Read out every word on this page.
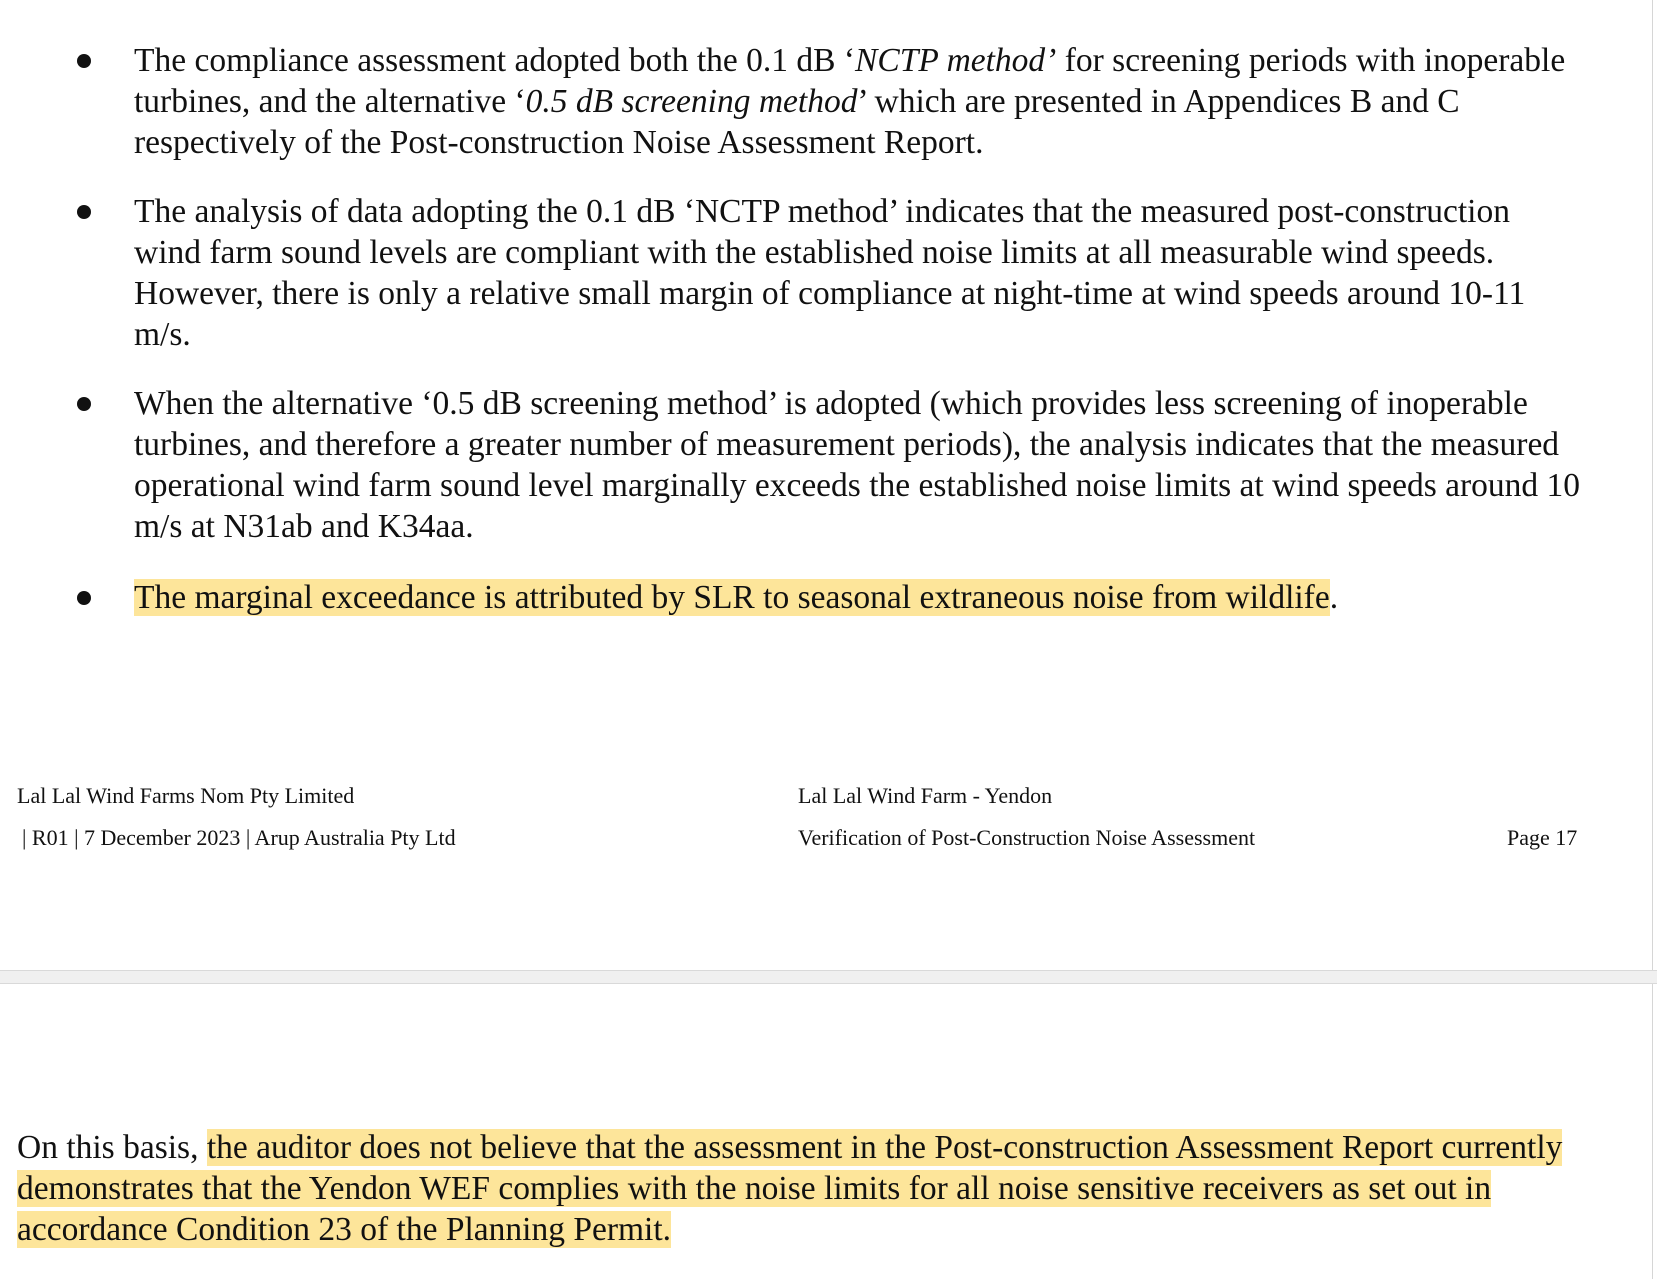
The compliance assessment adopted both the 0.1 dB ‘NCTP method’ for screening periods with inoperable turbines, and the alternative ‘0.5 dB screening method’ which are presented in Appendices B and C respectively of the Post-construction Noise Assessment Report.

The analysis of data adopting the 0.1 dB ‘NCTP method’ indicates that the measured post-construction wind farm sound levels are compliant with the established noise limits at all measurable wind speeds. However, there is only a relative small margin of compliance at night-time at wind speeds around 10-11 m/s.

When the alternative ‘0.5 dB screening method’ is adopted (which provides less screening of inoperable turbines, and therefore a greater number of measurement periods), the analysis indicates that the measured operational wind farm sound level marginally exceeds the established noise limits at wind speeds around 10 m/s at N31ab and K34aa.

The marginal exceedance is attributed by SLR to seasonal extraneous noise from wildlife.

Lal Lal Wind Farms Nom Pty Limited
| R01 | 7 December 2023 | Arup Australia Pty Ltd
Lal Lal Wind Farm - Yendon
Verification of Post-Construction Noise Assessment	Page 17

On this basis, the auditor does not believe that the assessment in the Post-construction Assessment Report currently demonstrates that the Yendon WEF complies with the noise limits for all noise sensitive receivers as set out in accordance Condition 23 of the Planning Permit.
